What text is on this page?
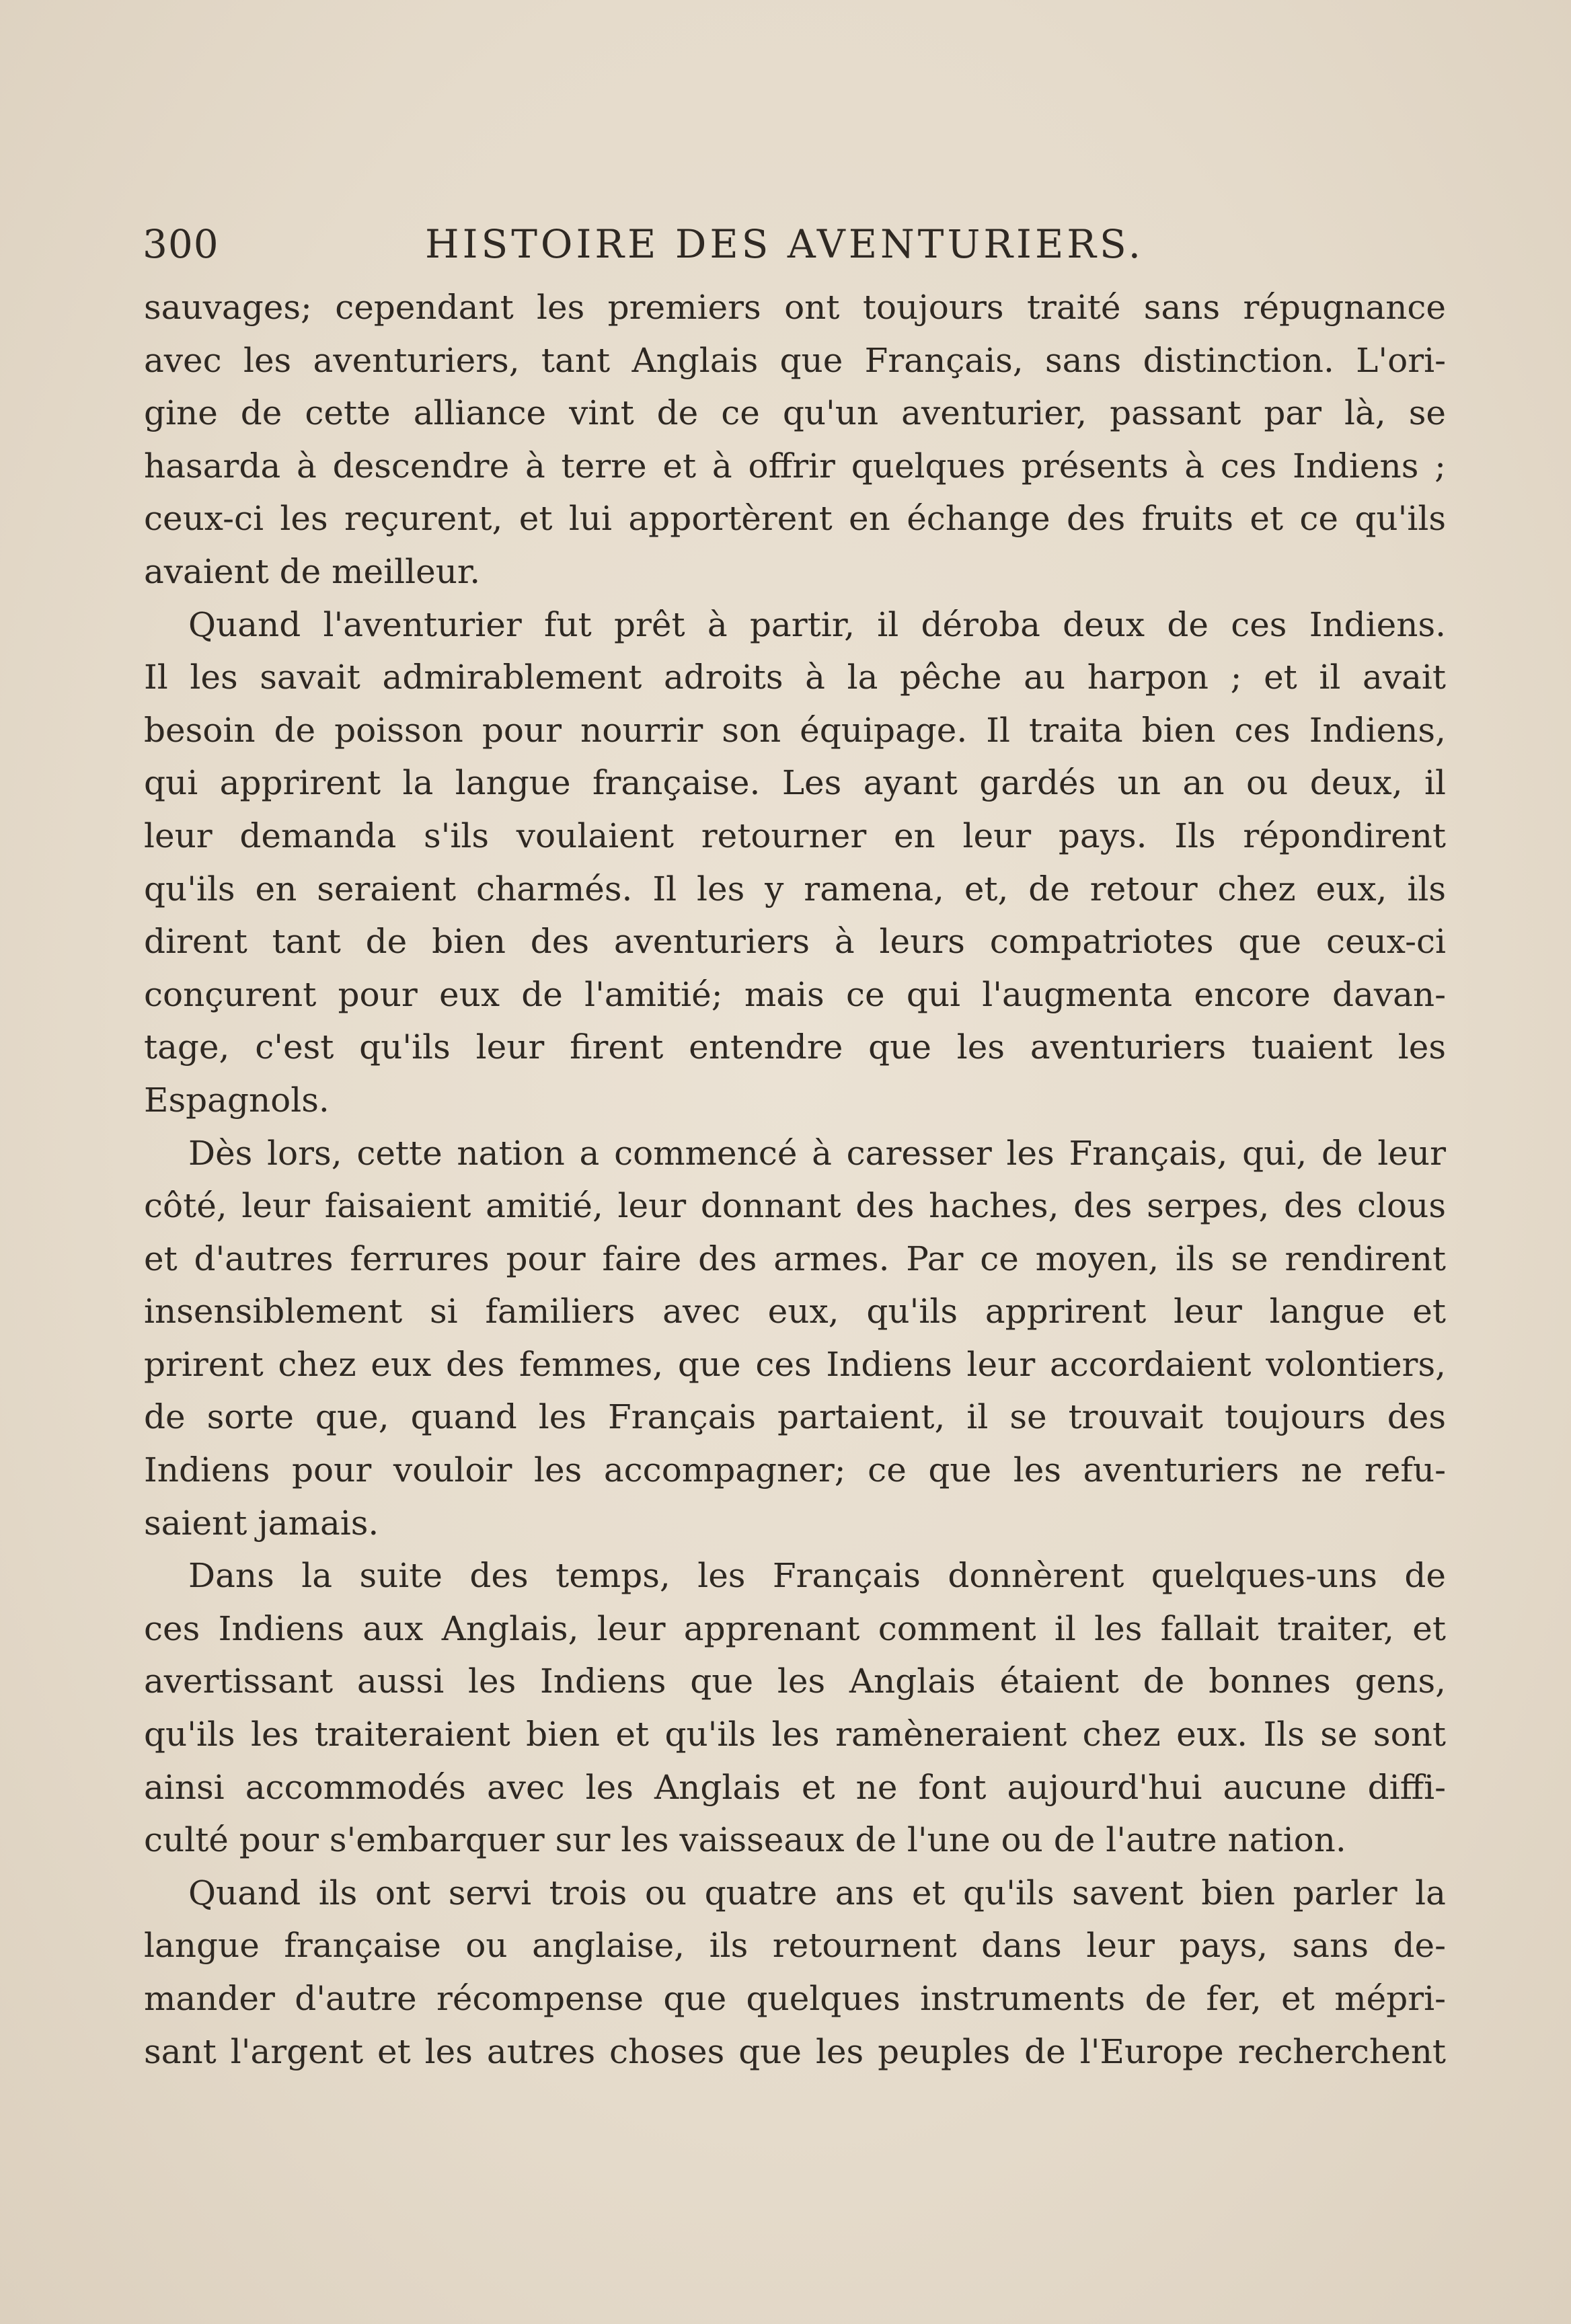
300	HISTOIRE DES AVENTURIERS.

sauvages; cependant les premiers ont toujours traité sans répugnance
avec les aventuriers, tant Anglais que Français, sans distinction. L'ori-
gine de cette alliance vint de ce qu'un aventurier, passant par là, se
hasarda à descendre à terre et à offrir quelques présents à ces Indiens ;
ceux-ci les reçurent, et lui apportèrent en échange des fruits et ce qu'ils
avaient de meilleur.

Quand l'aventurier fut prêt à partir, il déroba deux de ces Indiens.
Il les savait admirablement adroits à la pêche au harpon ; et il avait
besoin de poisson pour nourrir son équipage. Il traita bien ces Indiens,
qui apprirent la langue française. Les ayant gardés un an ou deux, il
leur demanda s'ils voulaient retourner en leur pays. Ils répondirent
qu'ils en seraient charmés. Il les y ramena, et, de retour chez eux, ils
dirent tant de bien des aventuriers à leurs compatriotes que ceux-ci
conçurent pour eux de l'amitié; mais ce qui l'augmenta encore davan-
tage, c'est qu'ils leur firent entendre que les aventuriers tuaient les
Espagnols.

Dès lors, cette nation a commencé à caresser les Français, qui, de leur
côté, leur faisaient amitié, leur donnant des haches, des serpes, des clous
et d'autres ferrures pour faire des armes. Par ce moyen, ils se rendirent
insensiblement si familiers avec eux, qu'ils apprirent leur langue et
prirent chez eux des femmes, que ces Indiens leur accordaient volontiers,
de sorte que, quand les Français partaient, il se trouvait toujours des
Indiens pour vouloir les accompagner; ce que les aventuriers ne refu-
saient jamais.

Dans la suite des temps, les Français donnèrent quelques-uns de
ces Indiens aux Anglais, leur apprenant comment il les fallait traiter, et
avertissant aussi les Indiens que les Anglais étaient de bonnes gens,
qu'ils les traiteraient bien et qu'ils les ramèneraient chez eux. Ils se sont
ainsi accommodés avec les Anglais et ne font aujourd'hui aucune diffi-
culté pour s'embarquer sur les vaisseaux de l'une ou de l'autre nation.

Quand ils ont servi trois ou quatre ans et qu'ils savent bien parler la
langue française ou anglaise, ils retournent dans leur pays, sans de-
mander d'autre récompense que quelques instruments de fer, et mépri-
sant l'argent et les autres choses que les peuples de l'Europe recherchent
